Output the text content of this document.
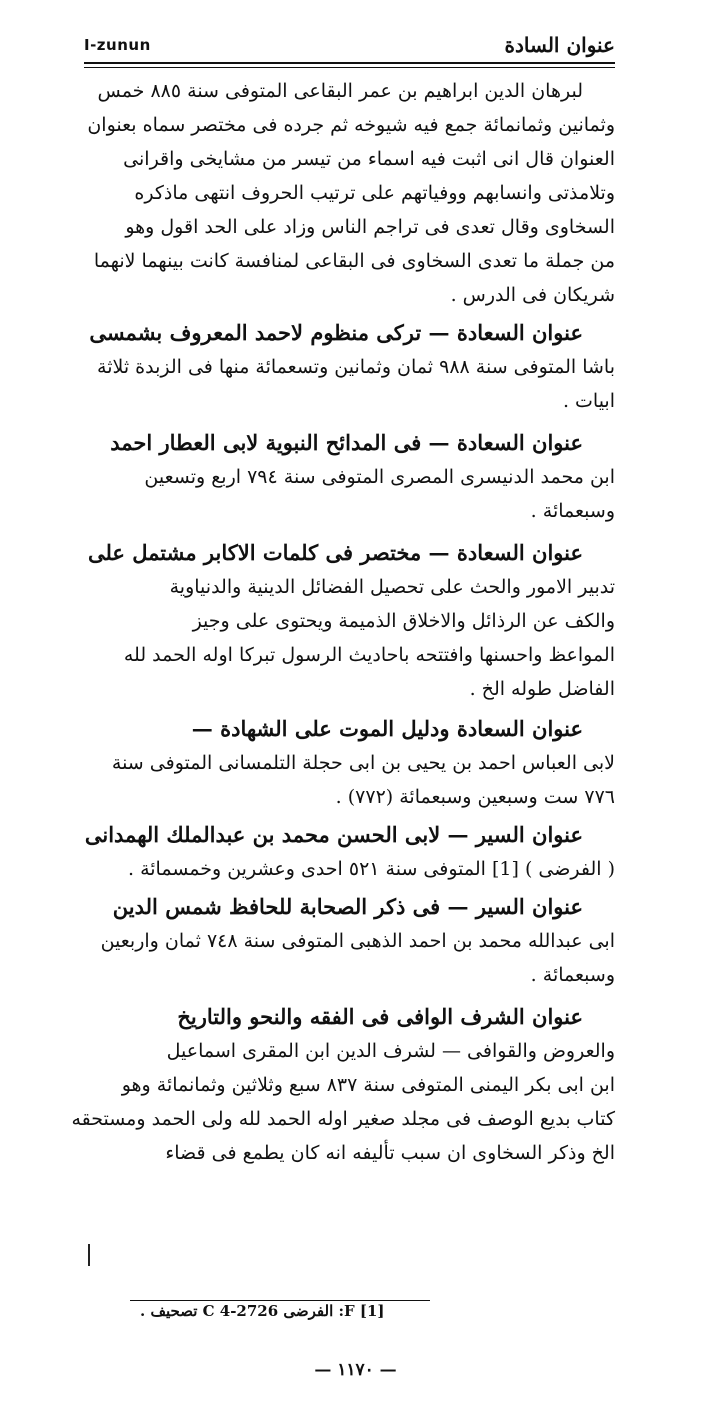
I-zunun	عنوان السادة
لبرهان الدين ابراهيم بن عمر البقاعى المتوفى سنة ٨٨٥ خمس
وثمانين وثمانمائة جمع فيه شيوخه ثم جرده فى مختصر سماه بعنوان
العنوان قال انى اثبت فيه اسماء من تيسر من مشايخى واقرانى
وتلامذتى وانسابهم ووفياتهم على ترتيب الحروف انتهى ماذكره
السخاوى وقال تعدى فى تراجم الناس وزاد على الحد اقول وهو
من جملة ما تعدى السخاوى فى البقاعى لمنافسة كانت بينهما لانهما
شريكان فى الدرس .
عنوان السعادة — تركى منظوم لاحمد المعروف بشمسى
باشا المتوفى سنة ٩٨٨ ثمان وثمانين وتسعمائة منها فى الزبدة ثلاثة
ابيات .
عنوان السعادة — فى المدائح النبوية لابى العطار احمد
ابن محمد الدنيسرى المصرى المتوفى سنة ٧٩٤ اربع وتسعين
وسبعمائة .
عنوان السعادة — مختصر فى كلمات الاكابر مشتمل على
تدبير الامور والحث على تحصيل الفضائل الدينية والدنياوية
والكف عن الرذائل والاخلاق الذميمة ويحتوى على وجيز
المواعظ واحسنها وافتتحه باحاديث الرسول تبركا اوله الحمد لله
الفاضل طوله الخ .
عنوان السعادة ودليل الموت على الشهادة —
لابى العباس احمد بن يحيى بن ابى حجلة التلمسانى المتوفى سنة
٧٧٦ ست وسبعين وسبعمائة (٧٧٢) .
عنوان السير — لابى الحسن محمد بن عبدالملك الهمدانى
( الفرضى ) [1] المتوفى سنة ٥٢١ احدى وعشرين وخمسمائة .
عنوان السير — فى ذكر الصحابة للحافظ شمس الدين
ابى عبدالله محمد بن احمد الذهبى المتوفى سنة ٧٤٨ ثمان واربعين
وسبعمائة .
عنوان الشرف الوافى فى الفقه والنحو والتاريخ
والعروض والقوافى — لشرف الدين ابن المقرى اسماعيل
ابن ابى بكر اليمنى المتوفى سنة ٨٣٧ سبع وثلاثين وثمانمائة وهو
كتاب بديع الوصف فى مجلد صغير اوله الحمد لله ولى الحمد ومستحقه
الخ وذكر السخاوى ان سبب تأليفه انه كان يطمع فى قضاء
. تصحيف C 4-2726 الفرضى :F [1]
— ١١٧٠ —
